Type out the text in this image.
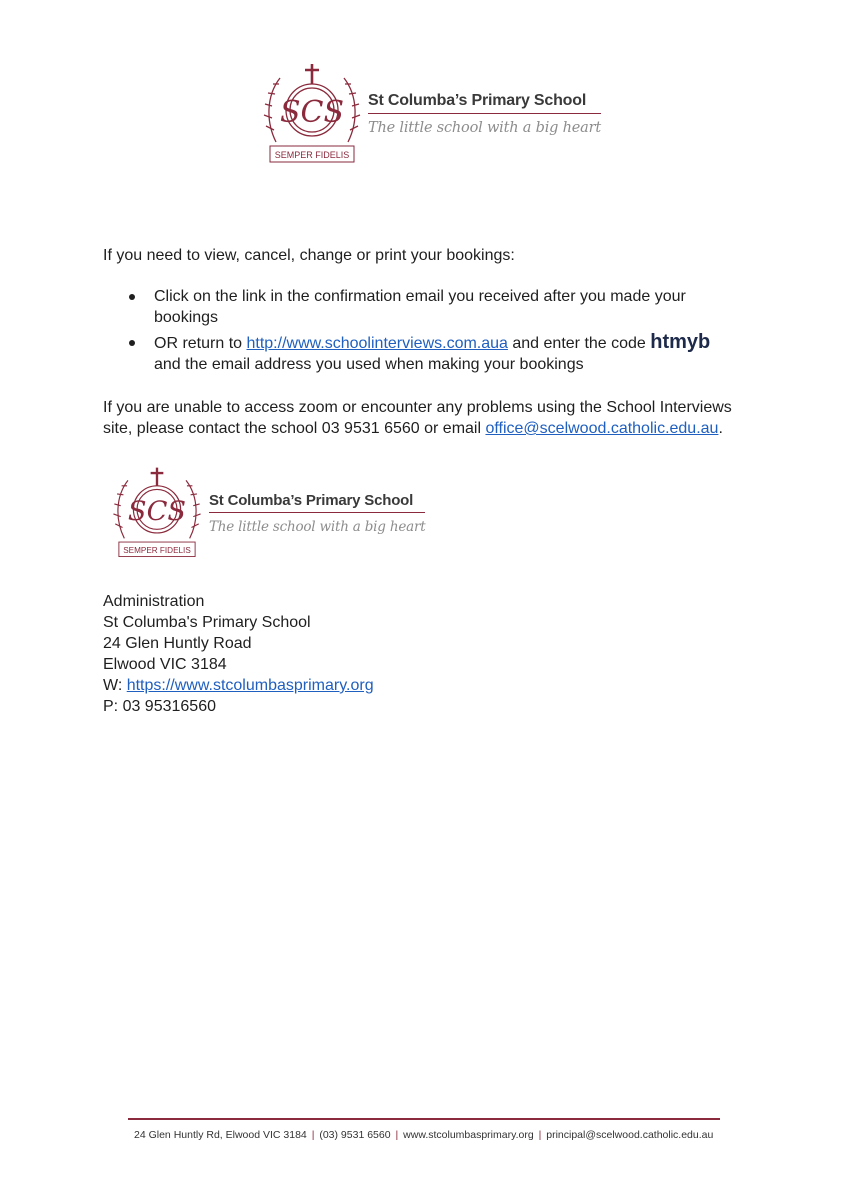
SCS
SEMPER FIDELIS
St Columba’s Primary School
The little school with a big heart
If you need to view, cancel, change or print your bookings:
Click on the link in the confirmation email you received after you made your bookings
OR return to http://www.schoolinterviews.com.aua and enter the code htmyb
and the email address you used when making your bookings
If you are unable to access zoom or encounter any problems using the School Interviews site, please contact the school 03 9531 6560 or email office@scelwood.catholic.edu.au.
SCS
SEMPER FIDELIS
St Columba’s Primary School
The little school with a big heart
Administration
St Columba's Primary School
24 Glen Huntly Road
Elwood VIC 3184
W: https://www.stcolumbasprimary.org
P: 03 95316560
24 Glen Huntly Rd, Elwood VIC 3184 | (03) 9531 6560 | www.stcolumbasprimary.org | principal@scelwood.catholic.edu.au
